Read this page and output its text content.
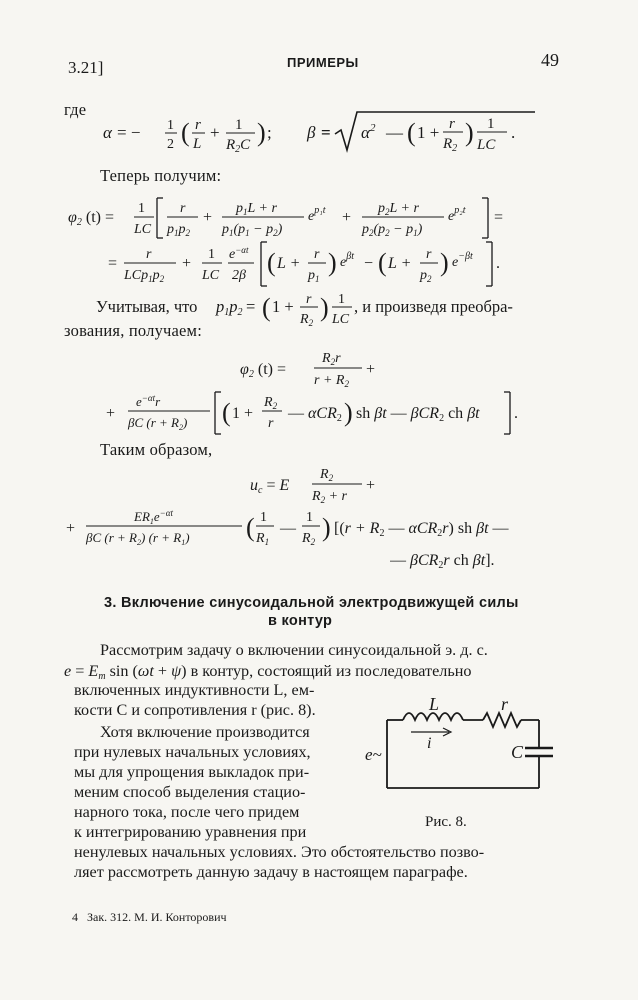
3.21]	ПРИМЕРЫ	49
где
α = − 1
2 ( r
L
+ 1
$R_2C$ ) ; $\beta = \alpha^2$ — ( 1 + r
$R_2$
) 1
LC
.
Теперь получим:
φ2 (t) =
1
LC
r
$p_1p_2$
+
$p_1L + r$
$p_1(p_1 - p_2)$
$e^{p_1t}$ +
$p_2L + r$
$p_2(p_2 - p_1)$
$e^{p_2t}$ =
=
r
$LCp_1p_2$
+
1
LC
$e^{-\alpha t}$
2β ( L +
r
$p_1$
) $e^{\beta t}$ − ( L +
r
$p_2$
) $e^{-\beta t}$ .
Учитывая, что p1p2 = ( 1 + r
$R_2$
) 1
LC
, и произведя преобра-
зования, получаем:
φ2 (t) =
$R_2r$
$r + R_2$
+
+
$e^{-\alpha t}r$
βC $(r + R_2)$ ( 1 +
$R_2$
r
— αCR2 ) sh βt — βCR2 ch βt .
Таким образом,
uc = E
$R_2$
$R_2 + r$
+
+
$ER_1e^{-\alpha t}$
βC $(r + R_2)$ $(r + R_1)$ ( 1
$R_1$
—
1
$R_2$ ) [(r + R2 — αCR2r) sh βt —
— βCR2r ch βt].
3. Включение синусоидальной электродвижущей силы
в контур
Рассмотрим задачу о включении синусоидальной э. д. с.
e = Em sin (ωt + ψ) в контур, состоящий из последовательно
включенных индуктивности L, ем-
кости C и сопротивления r (рис. 8).
Хотя включение производится
при нулевых начальных условиях,
мы для упрощения выкладок при-
меним способ выделения стацио-
нарного тока, после чего придем
к интегрированию уравнения при
ненулевых начальных условиях. Это обстоятельство позво-
ляет рассмотреть данную задачу в настоящем параграфе.
L	r
i	C
e~
Рис. 8.
4   Зак. 312. М. И. Конторович
